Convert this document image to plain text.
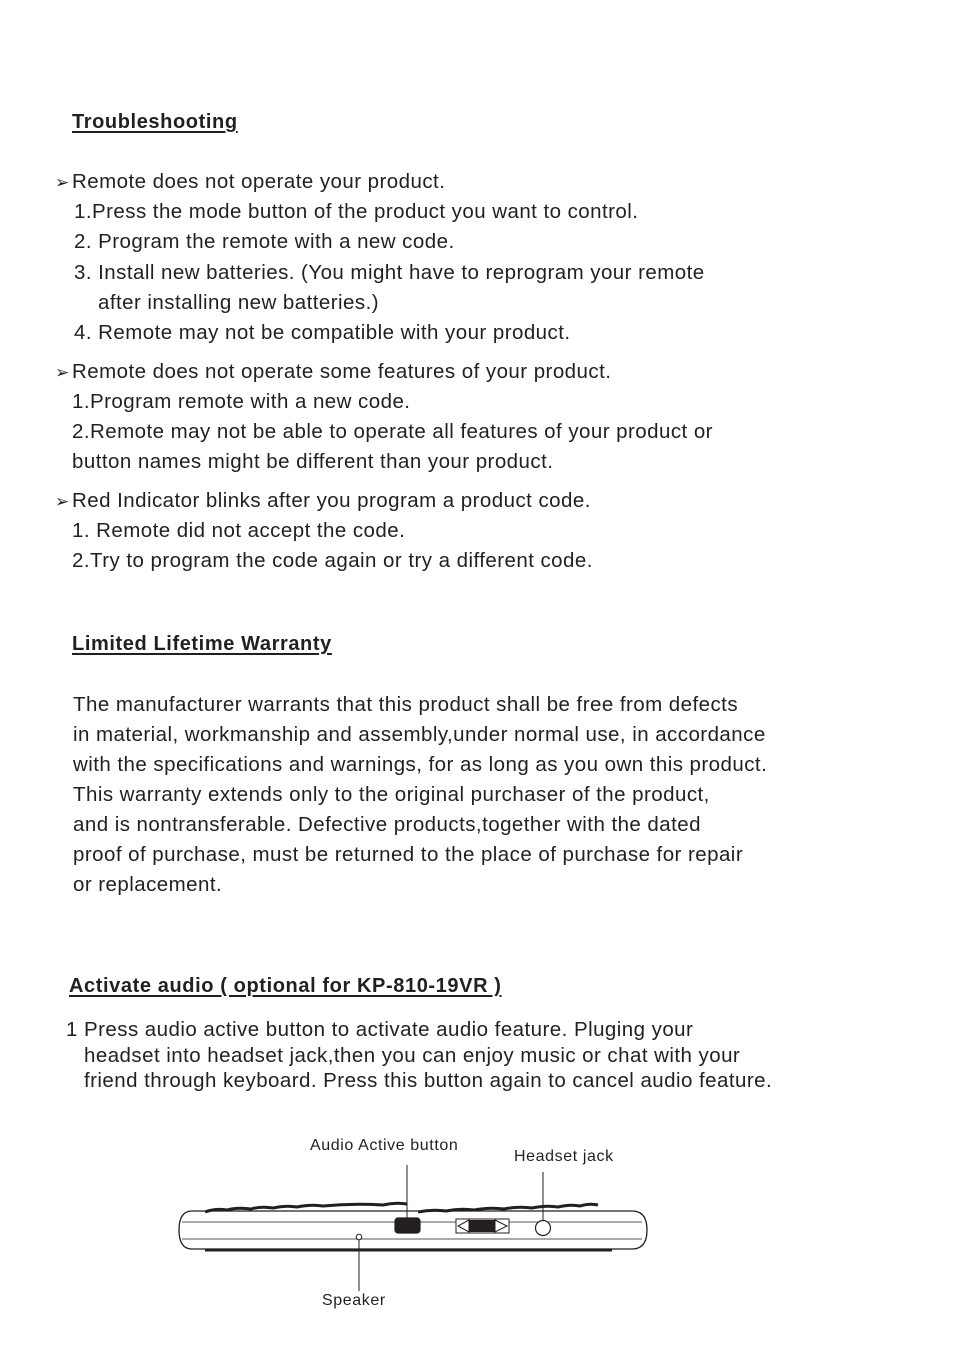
Troubleshooting
➢ Remote does not operate your product.
1.Press the mode button of the product you want to control.
2. Program the remote with a new code.
3. Install new batteries. (You might have to reprogram your remote
after installing new batteries.)
4. Remote may not be compatible with your product.
➢ Remote does not operate some features of your product.
1.Program remote with a new code.
2.Remote may not be able to operate all features of your product or
button names might be different than your product.
➢ Red Indicator blinks after you program a product code.
1. Remote did not accept the code.
2.Try to program the code again or try a different code.
Limited Lifetime Warranty
The manufacturer warrants that this product shall be free from defects
in material, workmanship and assembly,under normal use, in accordance
with the specifications and warnings, for as long as you own this product.
This warranty extends only to the original purchaser of the product,
and is nontransferable. Defective products,together with the dated
proof of purchase, must be returned to the place of purchase for repair
or replacement.
Activate audio ( optional for KP-810-19VR )
1 Press audio active button to activate audio feature. Pluging your
headset into headset jack,then you can enjoy music or chat with your
friend through keyboard. Press this button again to cancel audio feature.
Audio Active button
Headset jack
Speaker
